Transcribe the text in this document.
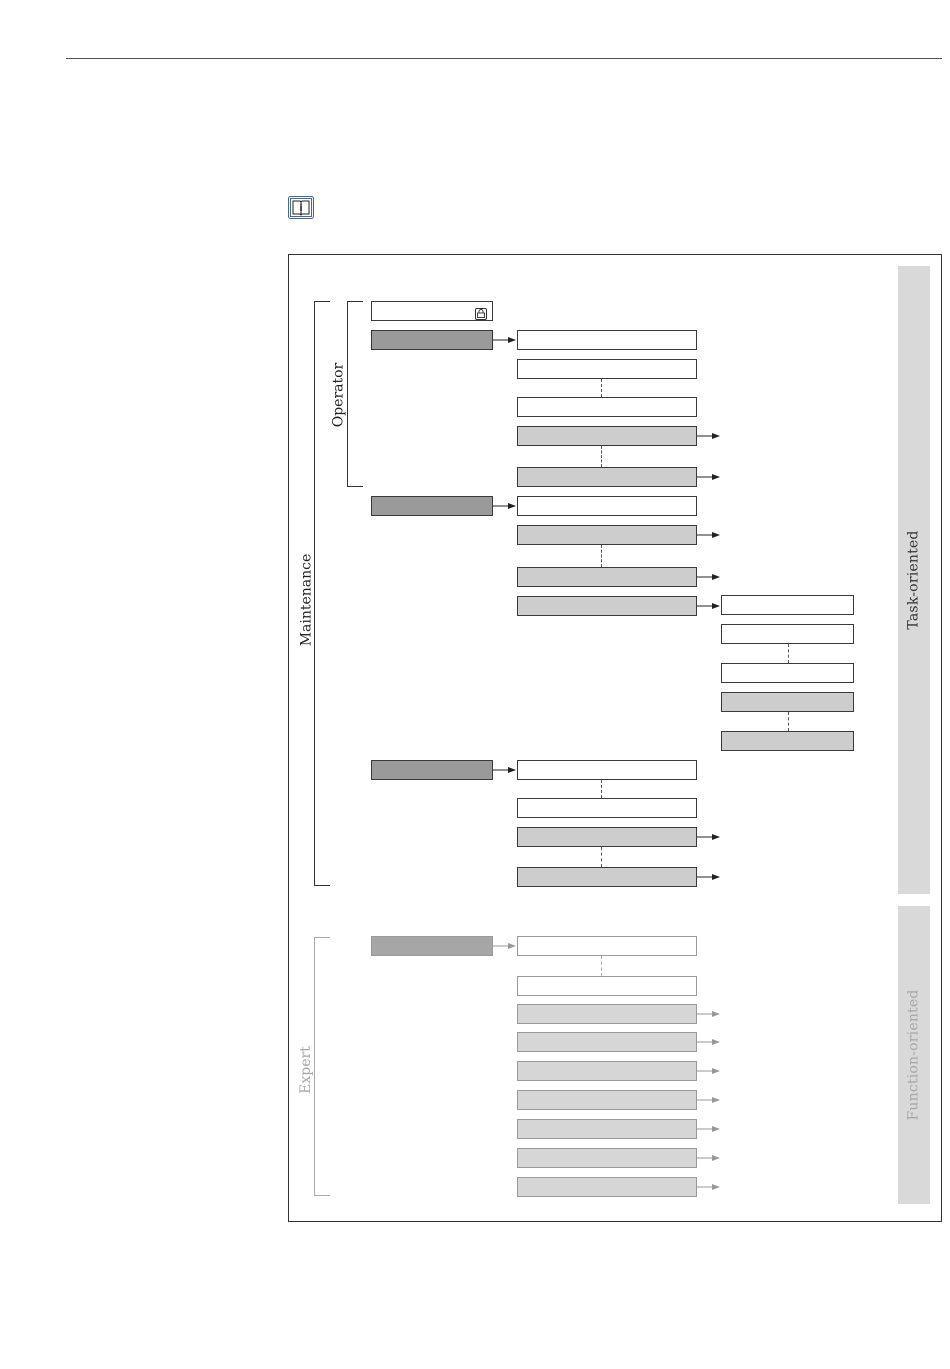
i
Task-oriented
Function-oriented
Maintenance
Operator
Expert
